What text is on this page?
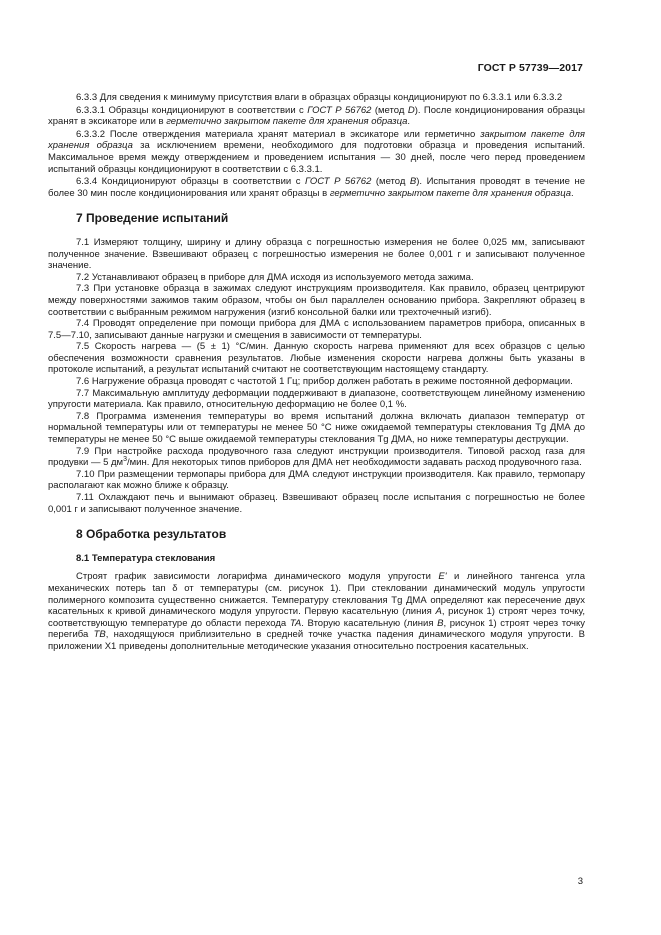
ГОСТ Р 57739—2017

6.3.3 Для сведения к минимуму присутствия влаги в образцах образцы кондиционируют по 6.3.3.1 или 6.3.3.2

6.3.3.1 Образцы кондиционируют в соответствии с ГОСТ Р 56762 (метод D). После кондиционирования образцы хранят в эксикаторе или в герметично закрытом пакете для хранения образца.

6.3.3.2 После отверждения материала хранят материал в эксикаторе или герметично закрытом пакете для хранения образца за исключением времени, необходимого для подготовки образца и проведения испытаний. Максимальное время между отверждением и проведением испытания — 30 дней, после чего перед проведением испытаний образцы кондиционируют в соответствии с 6.3.3.1.

6.3.4 Кондиционируют образцы в соответствии с ГОСТ Р 56762 (метод В). Испытания проводят в течение не более 30 мин после кондиционирования или хранят образцы в герметично закрытом пакете для хранения образца.

7 Проведение испытаний

7.1 Измеряют толщину, ширину и длину образца с погрешностью измерения не более 0,025 мм, записывают полученное значение. Взвешивают образец с погрешностью измерения не более 0,001 г и записывают полученное значение.

7.2 Устанавливают образец в приборе для ДМА исходя из используемого метода зажима.

7.3 При установке образца в зажимах следуют инструкциям производителя. Как правило, образец центрируют между поверхностями зажимов таким образом, чтобы он был параллелен основанию прибора. Закрепляют образец в соответствии с выбранным режимом нагружения (изгиб консольной балки или трехточечный изгиб).

7.4 Проводят определение при помощи прибора для ДМА с использованием параметров прибора, описанных в 7.5—7.10, записывают данные нагрузки и смещения в зависимости от температуры.

7.5 Скорость нагрева — (5 ± 1) °С/мин. Данную скорость нагрева применяют для всех образцов с целью обеспечения возможности сравнения результатов. Любые изменения скорости нагрева должны быть указаны в протоколе испытаний, а результат испытаний считают не соответствующим настоящему стандарту.

7.6 Нагружение образца проводят с частотой 1 Гц; прибор должен работать в режиме постоянной деформации.

7.7 Максимальную амплитуду деформации поддерживают в диапазоне, соответствующем линейному изменению упругости материала. Как правило, относительную деформацию не более 0,1 %.

7.8 Программа изменения температуры во время испытаний должна включать диапазон температур от нормальной температуры или от температуры не менее 50 °С ниже ожидаемой температуры стеклования Tg ДМА до температуры не менее 50 °С выше ожидаемой температуры стеклования Tg ДМА, но ниже температуры деструкции.

7.9 При настройке расхода продувочного газа следуют инструкции производителя. Типовой расход газа для продувки — 5 $дм^3$/мин. Для некоторых типов приборов для ДМА нет необходимости задавать расход продувочного газа.

7.10 При размещении термопары прибора для ДМА следуют инструкции производителя. Как правило, термопару располагают как можно ближе к образцу.

7.11 Охлаждают печь и вынимают образец. Взвешивают образец после испытания с погрешностью не более 0,001 г и записывают полученное значение.

8 Обработка результатов
8.1 Температура стеклования

Строят график зависимости логарифма динамического модуля упругости E' и линейного тангенса угла механических потерь tan δ от температуры (см. рисунок 1). При стекловании динамический модуль упругости полимерного композита существенно снижается. Температуру стеклования Tg ДМА определяют как пересечение двух касательных к кривой динамического модуля упругости. Первую касательную (линия A, рисунок 1) строят через точку, соответствующую температуре до области перехода TA. Вторую касательную (линия B, рисунок 1) строят через точку перегиба TB, находящуюся приблизительно в средней точке участка падения динамического модуля упругости. В приложении Х1 приведены дополнительные методические указания относительно построения касательных.

3
